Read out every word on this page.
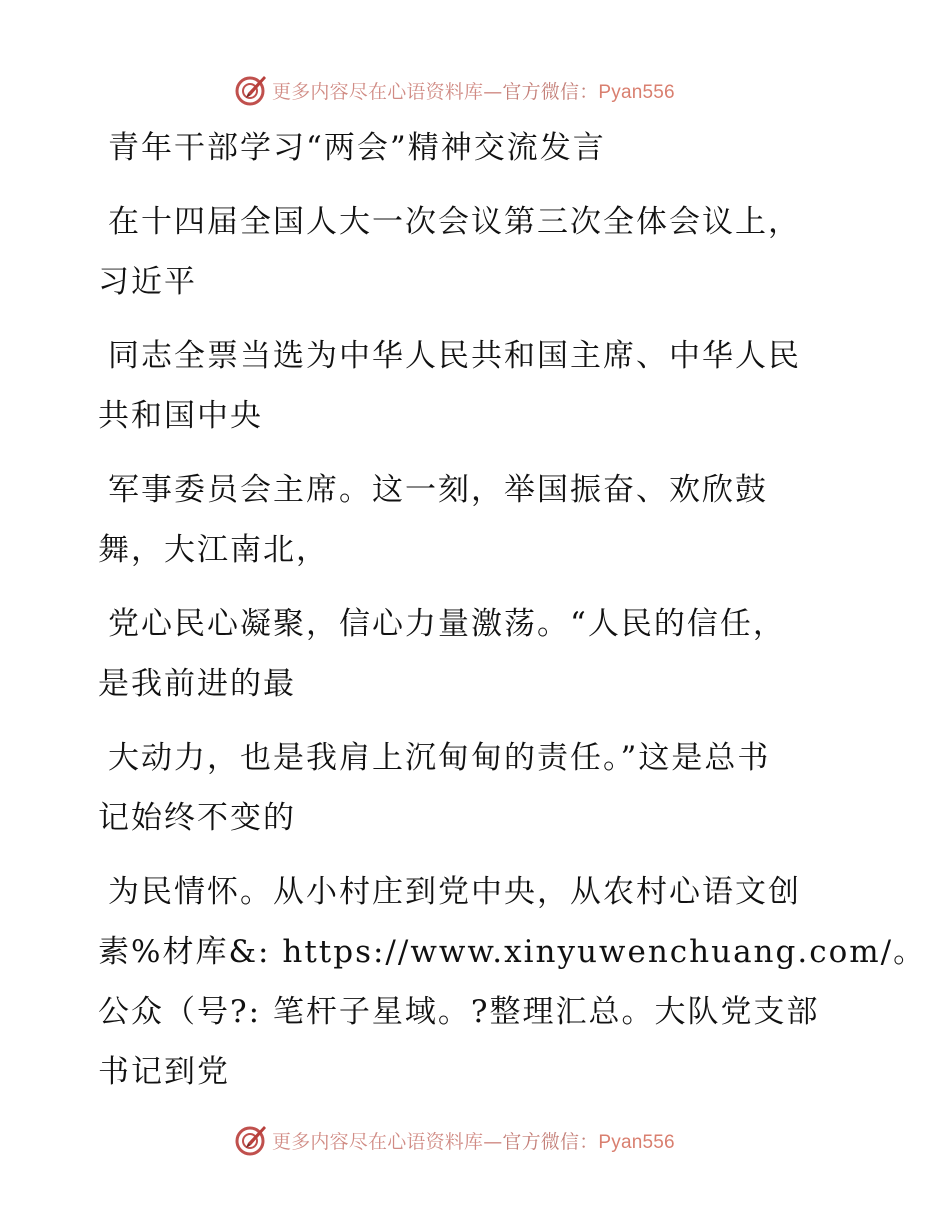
更多内容尽在心语资料库—官方微信：Pyan556
青年干部学习“两会”精神交流发言
在十四届全国人大一次会议第三次全体会议上，
习近平
同志全票当选为中华人民共和国主席、中华人民
共和国中央
军事委员会主席。这一刻，举国振奋、欢欣鼓
舞，大江南北，
党心民心凝聚，信心力量激荡。“人民的信任，
是我前进的最
大动力，也是我肩上沉甸甸的责任。”这是总书
记始终不变的
为民情怀。从小村庄到党中央，从农村心语文创
素%材库&: https://www.xinyuwenchuang.com/。
公众（号?: 笔杆子星域。?整理汇总。大队党支部
书记到党
更多内容尽在心语资料库—官方微信：Pyan556
